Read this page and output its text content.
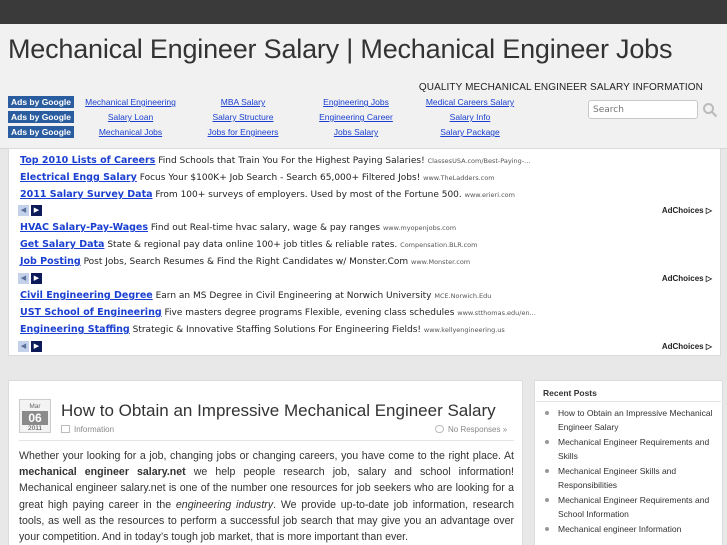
Mechanical Engineer Salary | Mechanical Engineer Jobs
QUALITY MECHANICAL ENGINEER SALARY INFORMATION
Search
Ads by Google	Mechanical Engineering	MBA Salary	Engineering Jobs	Medical Careers Salary
Ads by Google	Salary Loan	Salary Structure	Engineering Career	Salary Info
Ads by Google	Mechanical Jobs	Jobs for Engineers	Jobs Salary	Salary Package
Top 2010 Lists of Careers Find Schools that Train You For the Highest Paying Salaries! ClassesUSA.com/Best-Paying-...
Electrical Engg Salary Focus Your $100K+ Job Search - Search 65,000+ Filtered Jobs! www.TheLadders.com
2011 Salary Survey Data From 100+ surveys of employers. Used by most of the Fortune 500. www.erieri.com
◀	▶	AdChoices ▷
HVAC Salary-Pay-Wages Find out Real-time hvac salary, wage & pay ranges www.myopenjobs.com
Get Salary Data State & regional pay data online 100+ job titles & reliable rates. Compensation.BLR.com
Job Posting Post Jobs, Search Resumes & Find the Right Candidates w/ Monster.Com www.Monster.com
◀	▶	AdChoices ▷
Civil Engineering Degree Earn an MS Degree in Civil Engineering at Norwich University MCE.Norwich.Edu
UST School of Engineering Five masters degree programs Flexible, evening class schedules www.stthomas.edu/en...
Engineering Staffing Strategic & Innovative Staffing Solutions For Engineering Fields! www.kellyengineering.us
◀	▶	AdChoices ▷
Mar
06
2011
How to Obtain an Impressive Mechanical Engineer Salary
Information	No Responses »
Whether your looking for a job, changing jobs or changing careers, you have come to the right place. At mechanical engineer salary.net we help people research job, salary and school information! Mechanical engineer salary.net is one of the number one resources for job seekers who are looking for a great high paying career in the engineering industry. We provide up-to-date job information, research tools, as well as the resources to perform a successful job search that may give you an advantage over your competition. And in today’s tough job market, that is more important than ever.
Recent Posts
How to Obtain an Impressive Mechanical Engineer Salary
Mechanical Engineer Requirements and Skills
Mechanical Engineer Skills and Responsibilities
Mechanical Engineer Requirements and School Information
Mechanical engineer Information
